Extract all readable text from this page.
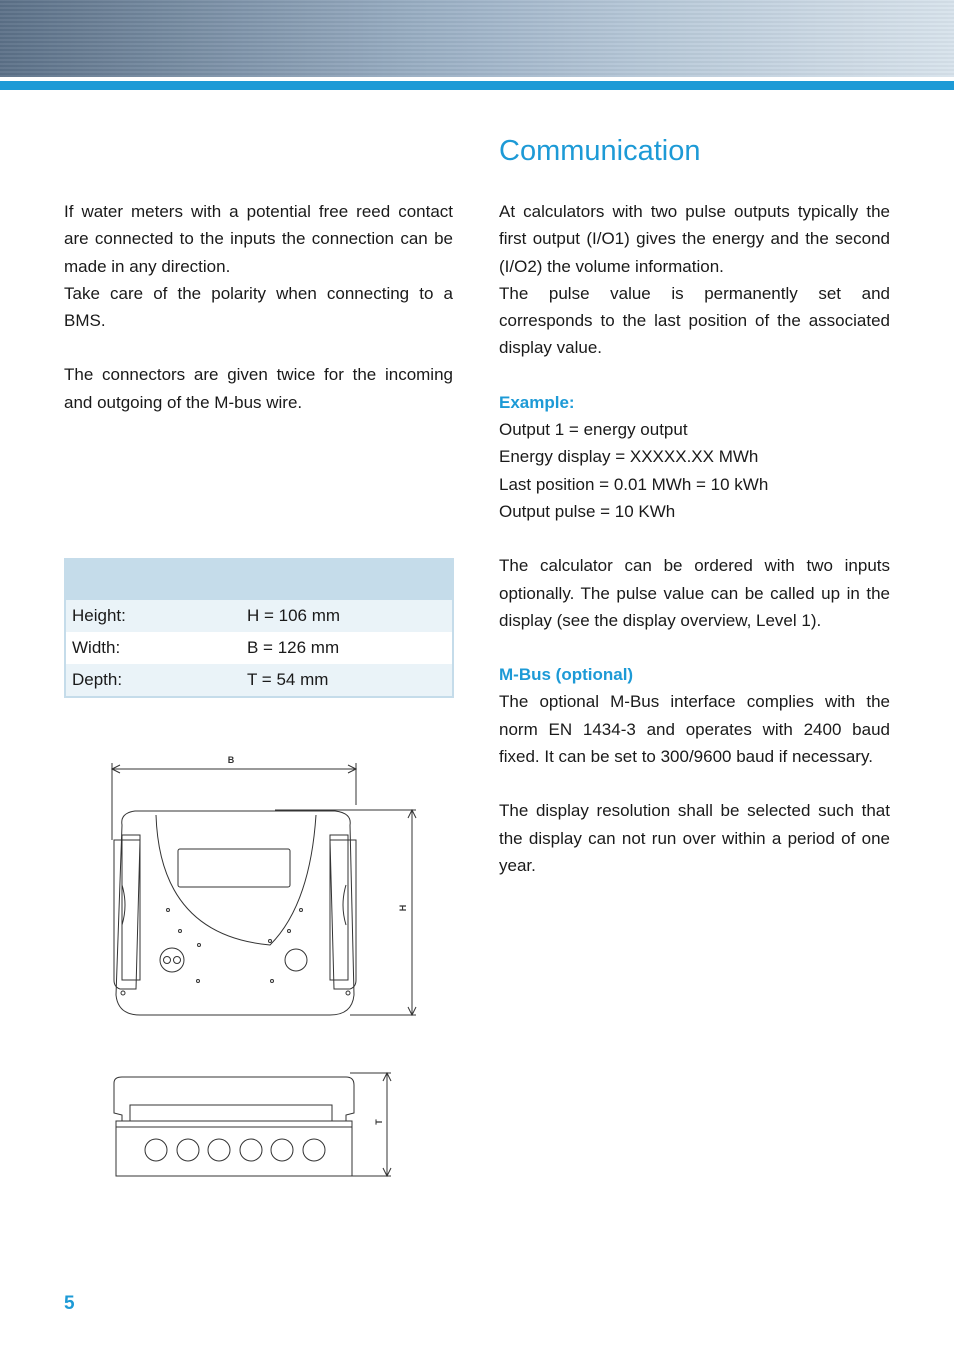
Communication

If water meters with a potential free reed contact are connected to the inputs the connection can be made in any direction.

Take care of the polarity when connecting to a BMS.

The connectors are given twice for the incoming and outgoing of the M-bus wire.

Height:	H = 106 mm
Width:	B = 126 mm
Depth:	T = 54 mm
B
H
T

At calculators with two pulse outputs typically the first output (I/O1) gives the energy and the second (I/O2) the volume information.

The pulse value is permanently set and corresponds to the last position of the associated display value.

Example:

Output 1 = energy output

Energy display = XXXXX.XX MWh

Last position = 0.01 MWh = 10 kWh

Output pulse = 10 KWh

The calculator can be ordered with two inputs optionally. The pulse value can be called up in the display (see the display overview, Level 1).

M-Bus (optional)

The optional M-Bus interface complies with the norm EN 1434-3 and operates with 2400 baud fixed. It can be set to 300/9600 baud if necessary.

The display resolution shall be selected such that the display can not run over within a period of one year.

5
